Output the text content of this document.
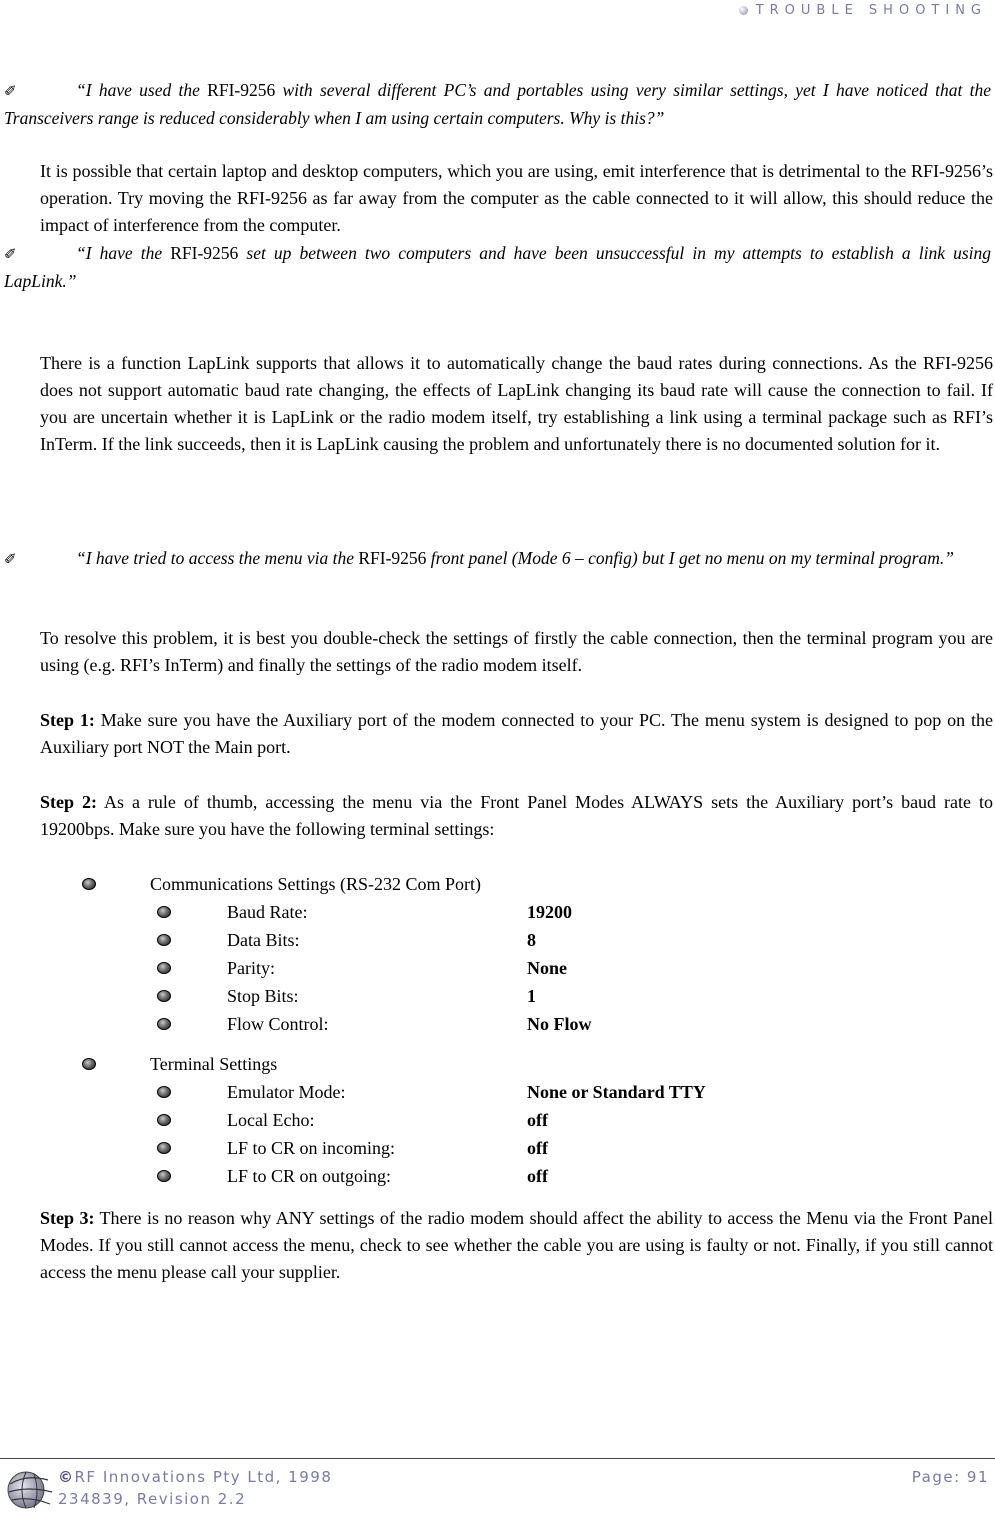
TROUBLE SHOOTING
✐	“I have used the RFI-9256 with several different PC’s and portables using very similar settings, yet I have noticed that the Transceivers range is reduced considerably when I am using certain computers. Why is this?”
It is possible that certain laptop and desktop computers, which you are using, emit interference that is detrimental to the RFI-9256’s operation. Try moving the RFI-9256 as far away from the computer as the cable connected to it will allow, this should reduce the impact of interference from the computer.
✐	“I have the RFI-9256 set up between two computers and have been unsuccessful in my attempts to establish a link using LapLink.”
There is a function LapLink supports that allows it to automatically change the baud rates during connections. As the RFI-9256 does not support automatic baud rate changing, the effects of LapLink changing its baud rate will cause the connection to fail. If you are uncertain whether it is LapLink or the radio modem itself, try establishing a link using a terminal package such as RFI’s InTerm. If the link succeeds, then it is LapLink causing the problem and unfortunately there is no documented solution for it.
✐	“I have tried to access the menu via the RFI-9256 front panel (Mode 6 – config) but I get no menu on my terminal program.”
To resolve this problem, it is best you double-check the settings of firstly the cable connection, then the terminal program you are using (e.g. RFI’s InTerm) and finally the settings of the radio modem itself.
Step 1: Make sure you have the Auxiliary port of the modem connected to your PC. The menu system is designed to pop on the Auxiliary port NOT the Main port.
Step 2: As a rule of thumb, accessing the menu via the Front Panel Modes ALWAYS sets the Auxiliary port’s baud rate to 19200bps. Make sure you have the following terminal settings:
Communications Settings (RS-232 Com Port)
Baud Rate:	19200
Data Bits:	8
Parity:	None
Stop Bits:	1
Flow Control:	No Flow
Terminal Settings
Emulator Mode:	None or Standard TTY
Local Echo:	off
LF to CR on incoming:	off
LF to CR on outgoing:	off
Step 3: There is no reason why ANY settings of the radio modem should affect the ability to access the Menu via the Front Panel Modes. If you still cannot access the menu, check to see whether the cable you are using is faulty or not. Finally, if you still cannot access the menu please call your supplier.
©RF Innovations Pty Ltd, 1998
234839, Revision 2.2
Page: 91
